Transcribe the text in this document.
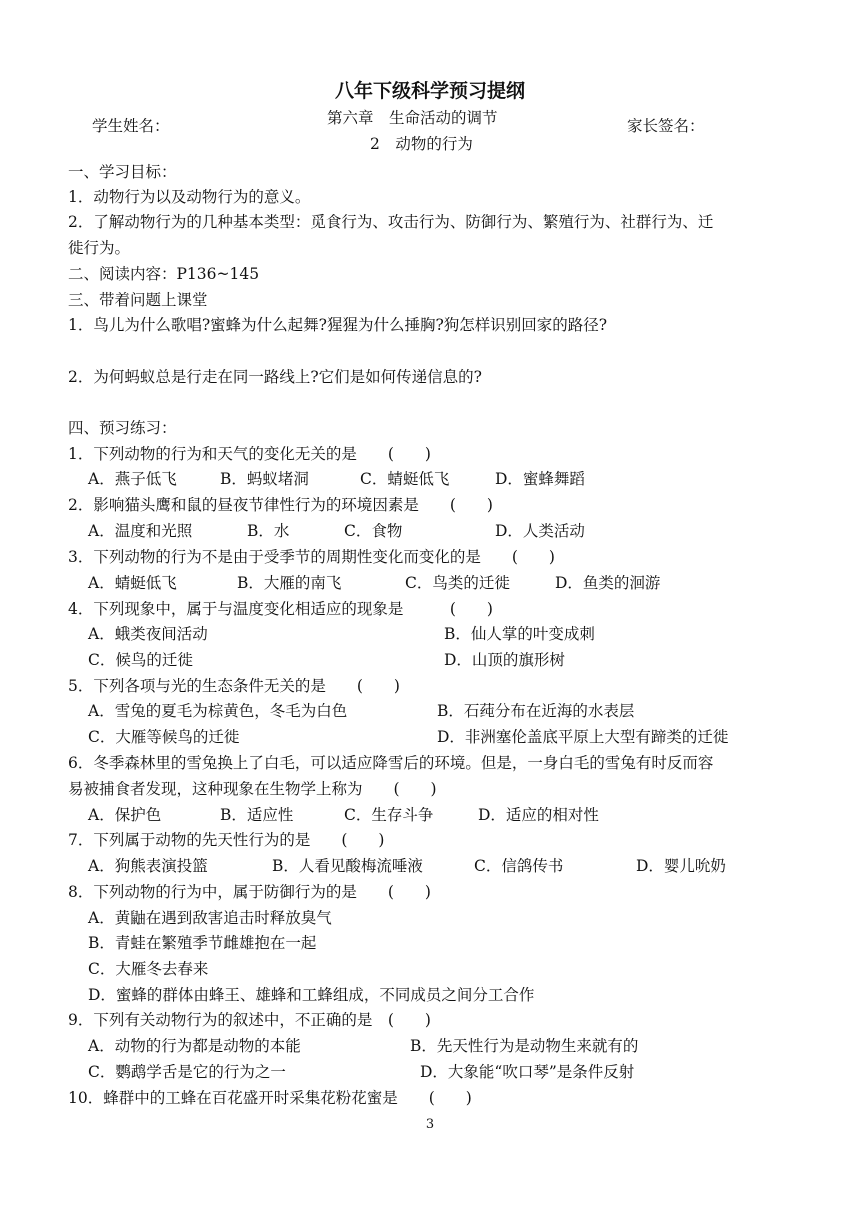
八年下级科学预习提纲
学生姓名：	第六章　生命活动的调节	家长签名：
2　动物的行为
一、学习目标：
1．动物行为以及动物行为的意义。
2．了解动物行为的几种基本类型：觅食行为、攻击行为、防御行为、繁殖行为、社群行为、迁
徙行为。
二、阅读内容：P136~145
三、带着问题上课堂
1．鸟儿为什么歌唱?蜜蜂为什么起舞?猩猩为什么捶胸?狗怎样识别回家的路径?
2．为何蚂蚁总是行走在同一路线上?它们是如何传递信息的?
四、预习练习：
1．下列动物的行为和天气的变化无关的是　　(　　)
A．燕子低飞	B．蚂蚁堵洞	C．蜻蜓低飞	D．蜜蜂舞蹈
2．影响猫头鹰和鼠的昼夜节律性行为的环境因素是　　(　　)
A．温度和光照	B．水	C．食物	D．人类活动
3．下列动物的行为不是由于受季节的周期性变化而变化的是　　(　　)
A．蜻蜓低飞	B．大雁的南飞	C．鸟类的迁徙	D．鱼类的洄游
4．下列现象中，属于与温度变化相适应的现象是　　　(　　)
A．蛾类夜间活动	B．仙人掌的叶变成刺
C．候鸟的迁徙	D．山顶的旗形树
5．下列各项与光的生态条件无关的是　　(　　)
A．雪兔的夏毛为棕黄色，冬毛为白色	B．石莼分布在近海的水表层
C．大雁等候鸟的迁徙	D．非洲塞伦盖底平原上大型有蹄类的迁徙
6．冬季森林里的雪兔换上了白毛，可以适应降雪后的环境。但是，一身白毛的雪兔有时反而容
易被捕食者发现，这种现象在生物学上称为　　(　　)
A．保护色	B．适应性	C．生存斗争	D．适应的相对性
7．下列属于动物的先天性行为的是　　(　　)
A．狗熊表演投篮	B．人看见酸梅流唾液	C．信鸽传书	D．婴儿吮奶
8．下列动物的行为中，属于防御行为的是　　(　　)
A．黄鼬在遇到敌害追击时释放臭气
B．青蛙在繁殖季节雌雄抱在一起
C．大雁冬去春来
D．蜜蜂的群体由蜂王、雄蜂和工蜂组成，不同成员之间分工合作
9．下列有关动物行为的叙述中，不正确的是　(　　)
A．动物的行为都是动物的本能	B．先天性行为是动物生来就有的
C．鹦鹉学舌是它的行为之一	D．大象能“吹口琴”是条件反射
10．蜂群中的工蜂在百花盛开时采集花粉花蜜是　　(　　)
3
